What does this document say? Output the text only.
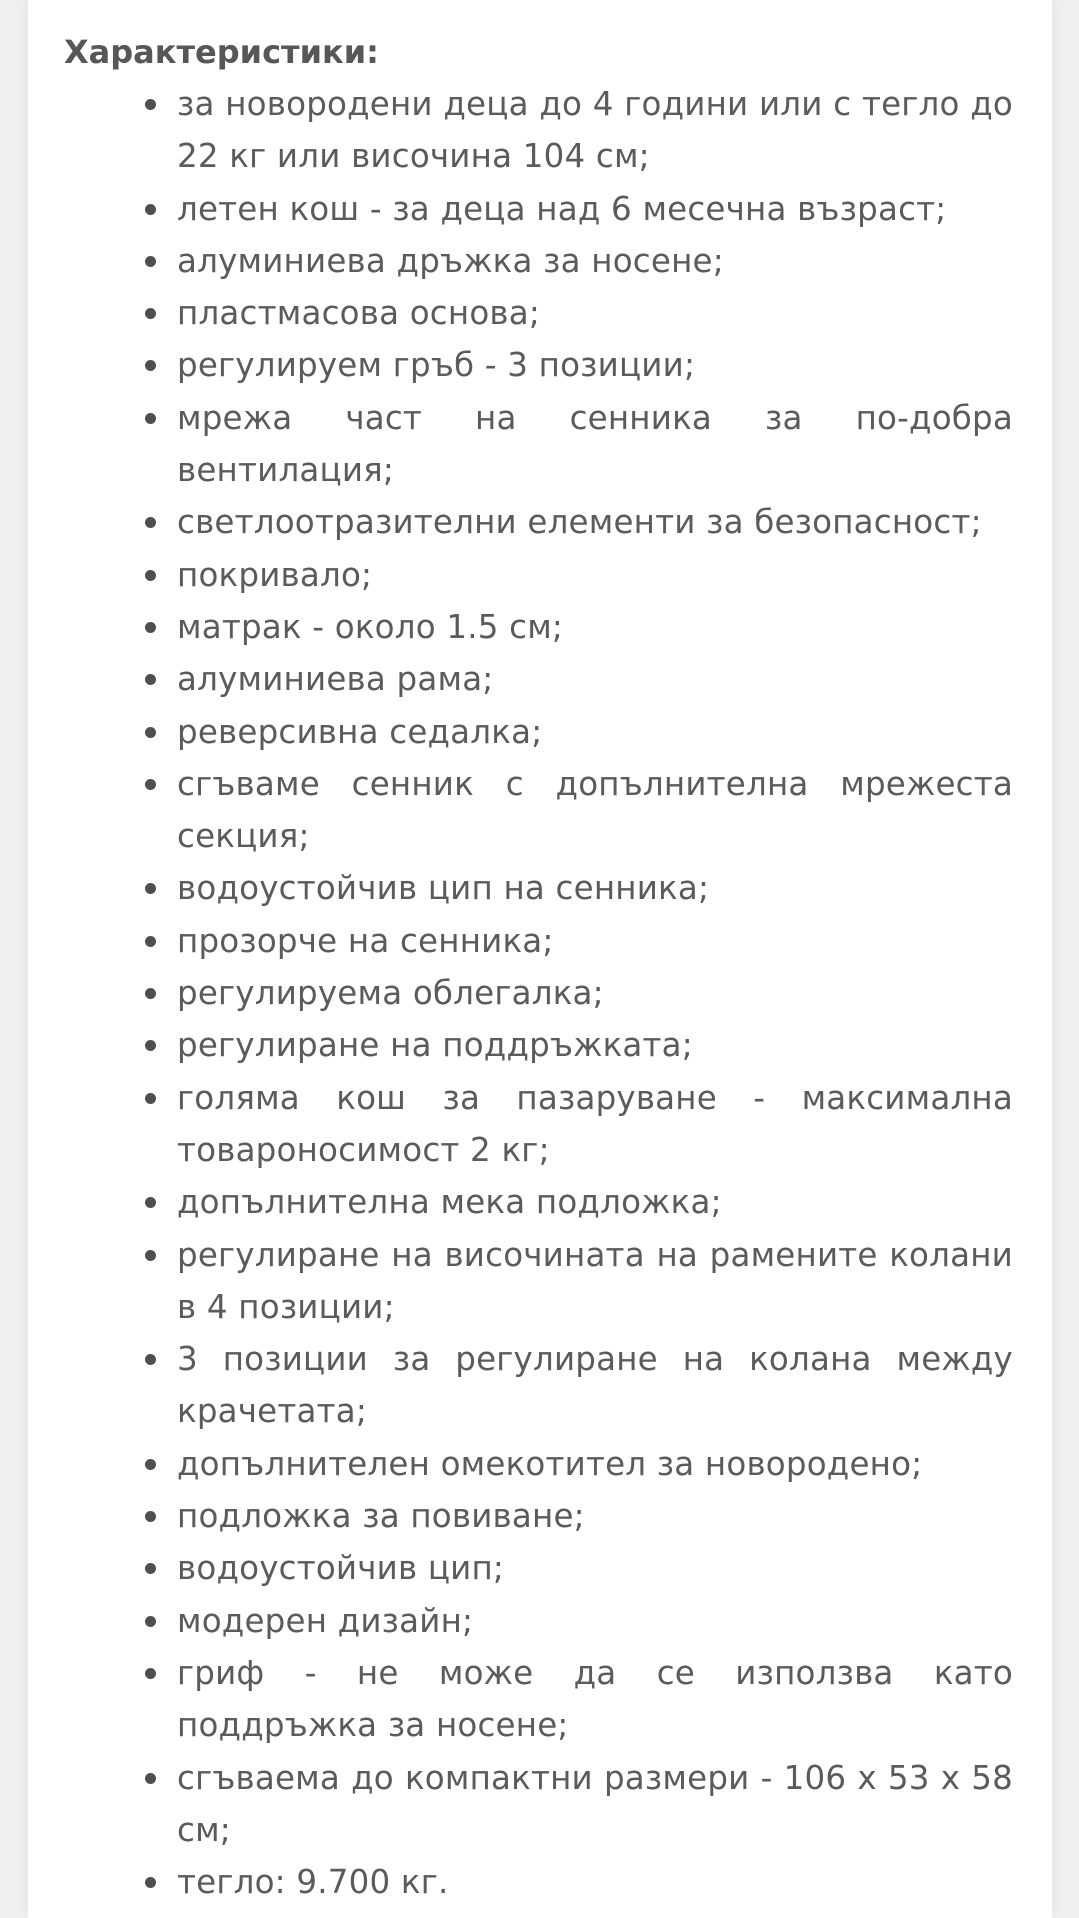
Характеристики:
за новородени деца до 4 години или с тегло до 22 кг или височина 104 см;
летен кош - за деца над 6 месечна възраст;
алуминиева дръжка за носене;
пластмасова основа;
регулируем гръб - 3 позиции;
мрежа част на сенника за по-добра вентилация;
светлоотразителни елементи за безопасност;
покривало;
матрак - около 1.5 см;
алуминиева рама;
реверсивна седалка;
сгъваме сенник с допълнителна мрежеста секция;
водоустойчив цип на сенника;
прозорче на сенника;
регулируема облегалка;
регулиране на поддръжката;
голяма кош за пазаруване - максимална товароносимост 2 кг;
допълнителна мека подложка;
регулиране на височината на рамените колани в 4 позиции;
3 позиции за регулиране на колана между крачетата;
допълнителен омекотител за новородено;
подложка за повиване;
водоустойчив цип;
модерен дизайн;
гриф - не може да се използва като поддръжка за носене;
сгъваема до компактни размери - 106 х 53 х 58 см;
тегло: 9.700 кг.
